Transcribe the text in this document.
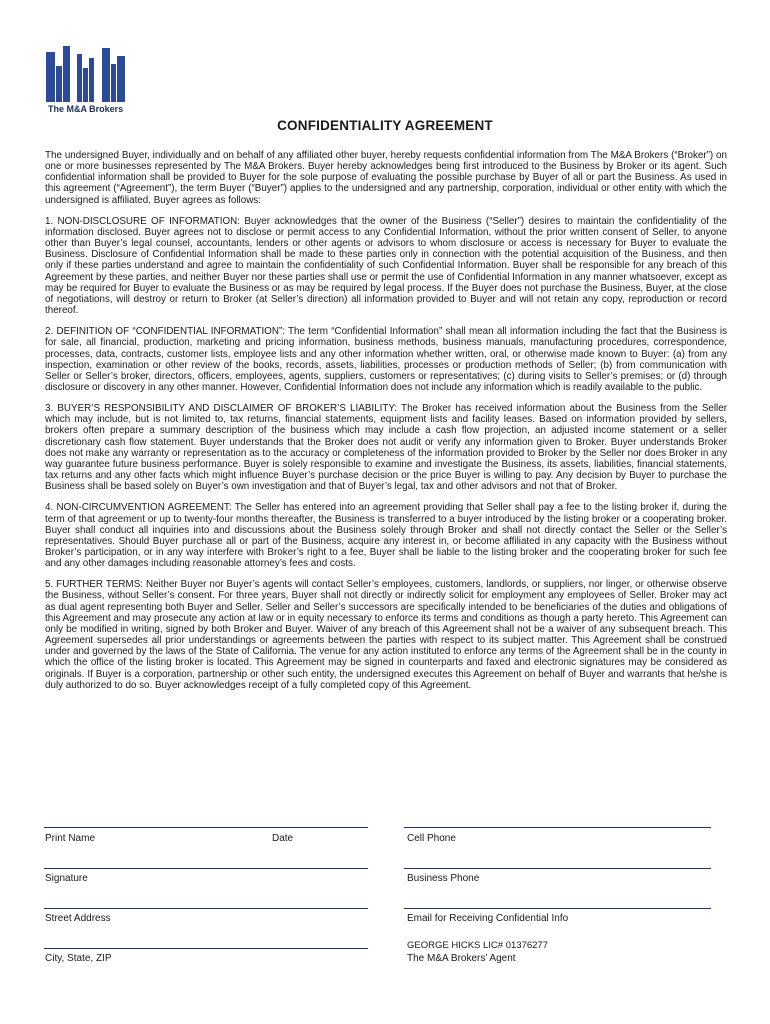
The M&A Brokers
CONFIDENTIALITY AGREEMENT

The undersigned Buyer, individually and on behalf of any affiliated other buyer, hereby requests confidential information from The M&A Brokers (“Broker”) on one or more businesses represented by The M&A Brokers. Buyer hereby acknowledges being first introduced to the Business by Broker or its agent. Such confidential information shall be provided to Buyer for the sole purpose of evaluating the possible purchase by Buyer of all or part the Business. As used in this agreement (“Agreement”), the term Buyer (“Buyer”) applies to the undersigned and any partnership, corporation, individual or other entity with which the undersigned is affiliated. Buyer agrees as follows:

1. NON-DISCLOSURE OF INFORMATION: Buyer acknowledges that the owner of the Business (“Seller”) desires to maintain the confidentiality of the information disclosed. Buyer agrees not to disclose or permit access to any Confidential Information, without the prior written consent of Seller, to anyone other than Buyer’s legal counsel, accountants, lenders or other agents or advisors to whom disclosure or access is necessary for Buyer to evaluate the Business. Disclosure of Confidential Information shall be made to these parties only in connection with the potential acquisition of the Business, and then only if these parties understand and agree to maintain the confidentiality of such Confidential Information. Buyer shall be responsible for any breach of this Agreement by these parties, and neither Buyer nor these parties shall use or permit the use of Confidential Information in any manner whatsoever, except as may be required for Buyer to evaluate the Business or as may be required by legal process. If the Buyer does not purchase the Business, Buyer, at the close of negotiations, will destroy or return to Broker (at Seller’s direction) all information provided to Buyer and will not retain any copy, reproduction or record thereof.

2. DEFINITION OF “CONFIDENTIAL INFORMATION”: The term “Confidential Information” shall mean all information including the fact that the Business is for sale, all financial, production, marketing and pricing information, business methods, business manuals, manufacturing procedures, correspondence, processes, data, contracts, customer lists, employee lists and any other information whether written, oral, or otherwise made known to Buyer: (a) from any inspection, examination or other review of the books, records, assets, liabilities, processes or production methods of Seller; (b) from communication with Seller or Seller’s broker, directors, officers, employees, agents, suppliers, customers or representatives; (c) during visits to Seller’s premises; or (d) through disclosure or discovery in any other manner. However, Confidential Information does not include any information which is readily available to the public.

3. BUYER’S RESPONSIBILITY AND DISCLAIMER OF BROKER’S LIABILITY: The Broker has received information about the Business from the Seller which may include, but is not limited to, tax returns, financial statements, equipment lists and facility leases. Based on information provided by sellers, brokers often prepare a summary description of the business which may include a cash flow projection, an adjusted income statement or a seller discretionary cash flow statement. Buyer understands that the Broker does not audit or verify any information given to Broker. Buyer understands Broker does not make any warranty or representation as to the accuracy or completeness of the information provided to Broker by the Seller nor does Broker in any way guarantee future business performance. Buyer is solely responsible to examine and investigate the Business, its assets, liabilities, financial statements, tax returns and any other facts which might influence Buyer’s purchase decision or the price Buyer is willing to pay. Any decision by Buyer to purchase the Business shall be based solely on Buyer’s own investigation and that of Buyer’s legal, tax and other advisors and not that of Broker.

4. NON-CIRCUMVENTION AGREEMENT: The Seller has entered into an agreement providing that Seller shall pay a fee to the listing broker if, during the term of that agreement or up to twenty-four months thereafter, the Business is transferred to a buyer introduced by the listing broker or a cooperating broker. Buyer shall conduct all inquiries into and discussions about the Business solely through Broker and shall not directly contact the Seller or the Seller’s representatives. Should Buyer purchase all or part of the Business, acquire any interest in, or become affiliated in any capacity with the Business without Broker’s participation, or in any way interfere with Broker’s right to a fee, Buyer shall be liable to the listing broker and the cooperating broker for such fee and any other damages including reasonable attorney’s fees and costs.

5. FURTHER TERMS: Neither Buyer nor Buyer’s agents will contact Seller’s employees, customers, landlords, or suppliers, nor linger, or otherwise observe the Business, without Seller’s consent. For three years, Buyer shall not directly or indirectly solicit for employment any employees of Seller. Broker may act as dual agent representing both Buyer and Seller. Seller and Seller’s successors are specifically intended to be beneficiaries of the duties and obligations of this Agreement and may prosecute any action at law or in equity necessary to enforce its terms and conditions as though a party hereto. This Agreement can only be modified in writing, signed by both Broker and Buyer. Waiver of any breach of this Agreement shall not be a waiver of any subsequent breach. This Agreement supersedes all prior understandings or agreements between the parties with respect to its subject matter. This Agreement shall be construed under and governed by the laws of the State of California. The venue for any action instituted to enforce any terms of the Agreement shall be in the county in which the office of the listing broker is located. This Agreement may be signed in counterparts and faxed and electronic signatures may be considered as originals. If Buyer is a corporation, partnership or other such entity, the undersigned executes this Agreement on behalf of Buyer and warrants that he/she is duly authorized to do so. Buyer acknowledges receipt of a fully completed copy of this Agreement.

Print Name	Date	Cell Phone
Signature	Business Phone
Street Address	Email for Receiving Confidential Info
GEORGE HICKS LIC# 01376277
City, State, ZIP	The M&A Brokers’ Agent
